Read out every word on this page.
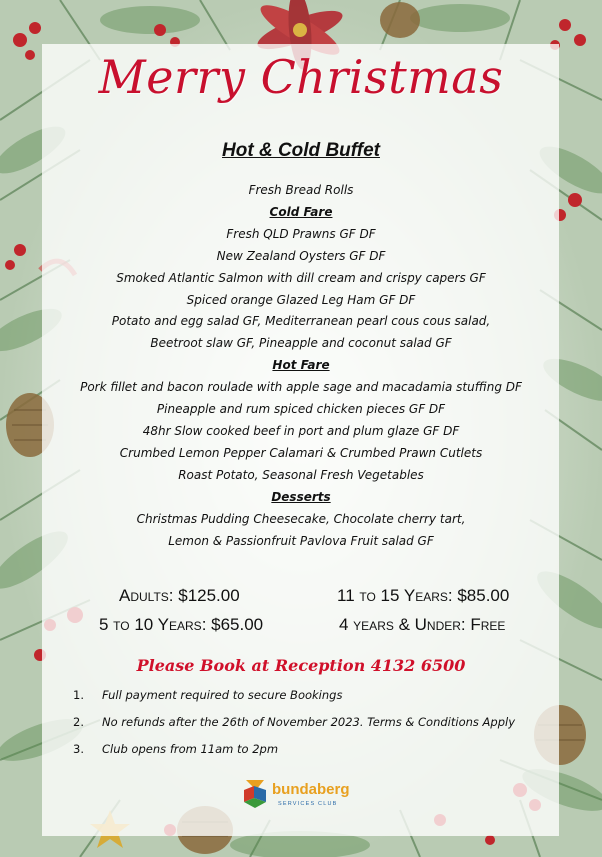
Merry Christmas
Hot & Cold Buffet
Fresh Bread Rolls
Cold Fare
Fresh QLD Prawns GF DF
New Zealand Oysters GF DF
Smoked Atlantic Salmon with dill cream and crispy capers GF
Spiced orange Glazed Leg Ham GF DF
Potato and egg salad GF, Mediterranean pearl cous cous salad,
Beetroot slaw GF, Pineapple and coconut salad GF
Hot Fare
Pork fillet and bacon roulade with apple sage and macadamia stuffing DF
Pineapple and rum spiced chicken pieces GF DF
48hr Slow cooked beef in port and plum glaze GF DF
Crumbed Lemon Pepper Calamari & Crumbed Prawn Cutlets
Roast Potato, Seasonal Fresh Vegetables
Desserts
Christmas Pudding Cheesecake, Chocolate cherry tart,
Lemon & Passionfruit Pavlova Fruit salad GF
Adults: $125.00	11 to 15 Years: $85.00
5 to 10 Years: $65.00	4 years & Under: Free
Please Book at Reception 4132 6500
1. Full payment required to secure Bookings
2. No refunds after the 26th of November 2023. Terms & Conditions Apply
3. Club opens from 11am to 2pm
bundaberg
SERVICES CLUB
